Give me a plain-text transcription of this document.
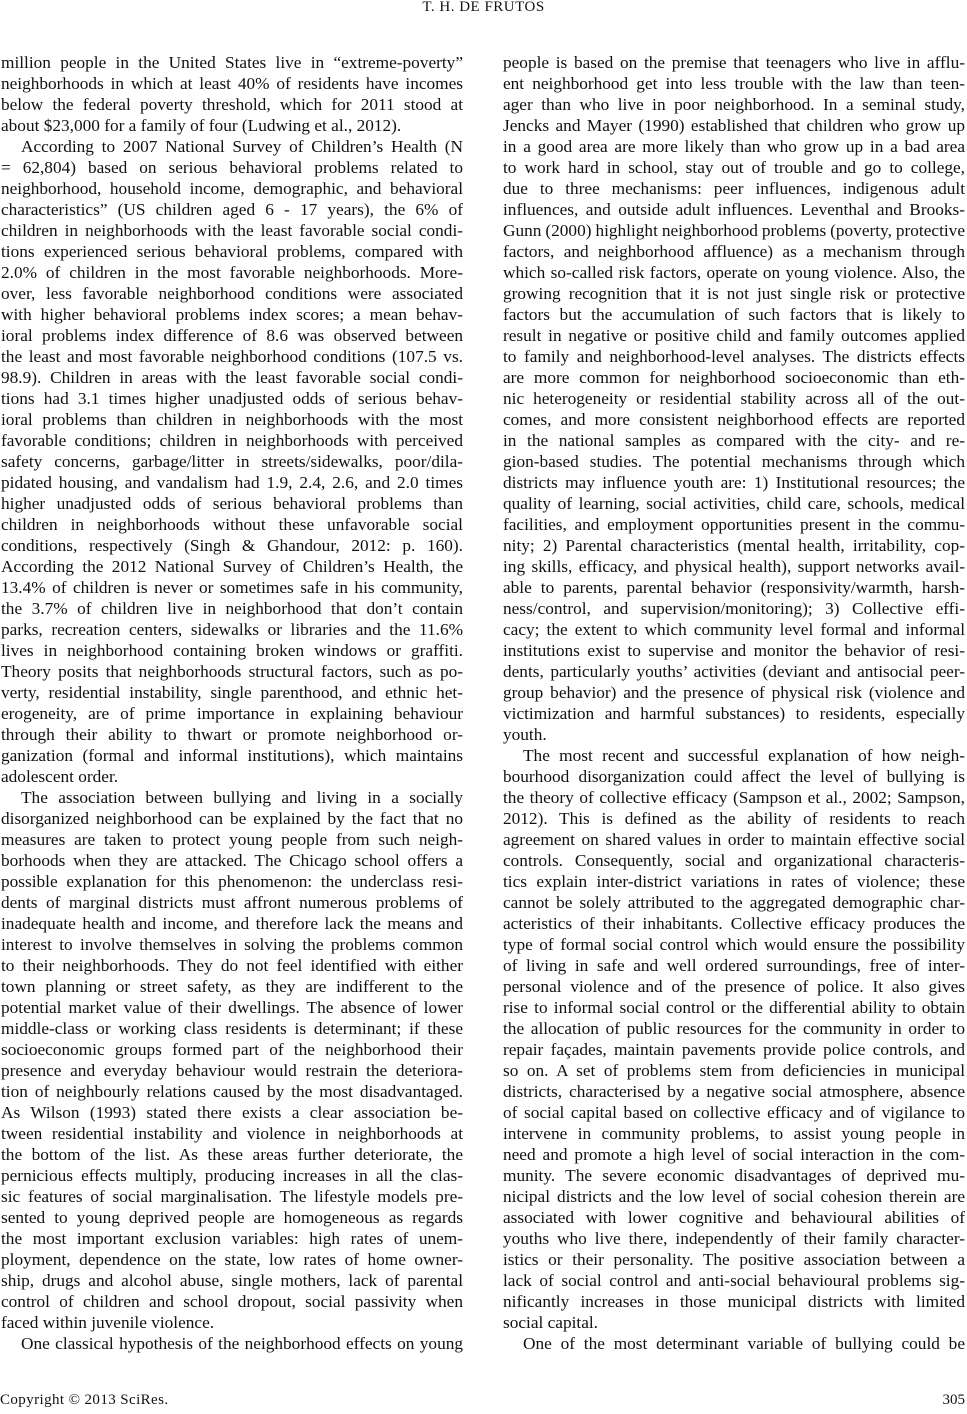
T. H. DE FRUTOS
million people in the United States live in “extreme-poverty”
neighborhoods in which at least 40% of residents have incomes
below the federal poverty threshold, which for 2011 stood at
about $23,000 for a family of four (Ludwing et al., 2012).
According to 2007 National Survey of Children’s Health (N
= 62,804) based on serious behavioral problems related to
neighborhood, household income, demographic, and behavioral
characteristics” (US children aged 6 - 17 years), the 6% of
children in neighborhoods with the least favorable social condi-
tions experienced serious behavioral problems, compared with
2.0% of children in the most favorable neighborhoods. More-
over, less favorable neighborhood conditions were associated
with higher behavioral problems index scores; a mean behav-
ioral problems index difference of 8.6 was observed between
the least and most favorable neighborhood conditions (107.5 vs.
98.9). Children in areas with the least favorable social condi-
tions had 3.1 times higher unadjusted odds of serious behav-
ioral problems than children in neighborhoods with the most
favorable conditions; children in neighborhoods with perceived
safety concerns, garbage/litter in streets/sidewalks, poor/dila-
pidated housing, and vandalism had 1.9, 2.4, 2.6, and 2.0 times
higher unadjusted odds of serious behavioral problems than
children in neighborhoods without these unfavorable social
conditions, respectively (Singh & Ghandour, 2012: p. 160).
According the 2012 National Survey of Children’s Health, the
13.4% of children is never or sometimes safe in his community,
the 3.7% of children live in neighborhood that don’t contain
parks, recreation centers, sidewalks or libraries and the 11.6%
lives in neighborhood containing broken windows or graffiti.
Theory posits that neighborhoods structural factors, such as po-
verty, residential instability, single parenthood, and ethnic het-
erogeneity, are of prime importance in explaining behaviour
through their ability to thwart or promote neighborhood or-
ganization (formal and informal institutions), which maintains
adolescent order.
The association between bullying and living in a socially
disorganized neighborhood can be explained by the fact that no
measures are taken to protect young people from such neigh-
borhoods when they are attacked. The Chicago school offers a
possible explanation for this phenomenon: the underclass resi-
dents of marginal districts must affront numerous problems of
inadequate health and income, and therefore lack the means and
interest to involve themselves in solving the problems common
to their neighborhoods. They do not feel identified with either
town planning or street safety, as they are indifferent to the
potential market value of their dwellings. The absence of lower
middle-class or working class residents is determinant; if these
socioeconomic groups formed part of the neighborhood their
presence and everyday behaviour would restrain the deteriora-
tion of neighbourly relations caused by the most disadvantaged.
As Wilson (1993) stated there exists a clear association be-
tween residential instability and violence in neighborhoods at
the bottom of the list. As these areas further deteriorate, the
pernicious effects multiply, producing increases in all the clas-
sic features of social marginalisation. The lifestyle models pre-
sented to young deprived people are homogeneous as regards
the most important exclusion variables: high rates of unem-
ployment, dependence on the state, low rates of home owner-
ship, drugs and alcohol abuse, single mothers, lack of parental
control of children and school dropout, social passivity when
faced within juvenile violence.
One classical hypothesis of the neighborhood effects on young
people is based on the premise that teenagers who live in afflu-
ent neighborhood get into less trouble with the law than teen-
ager than who live in poor neighborhood. In a seminal study,
Jencks and Mayer (1990) established that children who grow up
in a good area are more likely than who grow up in a bad area
to work hard in school, stay out of trouble and go to college,
due to three mechanisms: peer influences, indigenous adult
influences, and outside adult influences. Leventhal and Brooks-
Gunn (2000) highlight neighborhood problems (poverty, protective
factors, and neighborhood affluence) as a mechanism through
which so-called risk factors, operate on young violence. Also, the
growing recognition that it is not just single risk or protective
factors but the accumulation of such factors that is likely to
result in negative or positive child and family outcomes applied
to family and neighborhood-level analyses. The districts effects
are more common for neighborhood socioeconomic than eth-
nic heterogeneity or residential stability across all of the out-
comes, and more consistent neighborhood effects are reported
in the national samples as compared with the city- and re-
gion-based studies. The potential mechanisms through which
districts may influence youth are: 1) Institutional resources; the
quality of learning, social activities, child care, schools, medical
facilities, and employment opportunities present in the commu-
nity; 2) Parental characteristics (mental health, irritability, cop-
ing skills, efficacy, and physical health), support networks avail-
able to parents, parental behavior (responsivity/warmth, harsh-
ness/control, and supervision/monitoring); 3) Collective effi-
cacy; the extent to which community level formal and informal
institutions exist to supervise and monitor the behavior of resi-
dents, particularly youths’ activities (deviant and antisocial peer-
group behavior) and the presence of physical risk (violence and
victimization and harmful substances) to residents, especially
youth.
The most recent and successful explanation of how neigh-
bourhood disorganization could affect the level of bullying is
the theory of collective efficacy (Sampson et al., 2002; Sampson,
2012). This is defined as the ability of residents to reach
agreement on shared values in order to maintain effective social
controls. Consequently, social and organizational characteris-
tics explain inter-district variations in rates of violence; these
cannot be solely attributed to the aggregated demographic char-
acteristics of their inhabitants. Collective efficacy produces the
type of formal social control which would ensure the possibility
of living in safe and well ordered surroundings, free of inter-
personal violence and of the presence of police. It also gives
rise to informal social control or the differential ability to obtain
the allocation of public resources for the community in order to
repair façades, maintain pavements provide police controls, and
so on. A set of problems stem from deficiencies in municipal
districts, characterised by a negative social atmosphere, absence
of social capital based on collective efficacy and of vigilance to
intervene in community problems, to assist young people in
need and promote a high level of social interaction in the com-
munity. The severe economic disadvantages of deprived mu-
nicipal districts and the low level of social cohesion therein are
associated with lower cognitive and behavioural abilities of
youths who live there, independently of their family character-
istics or their personality. The positive association between a
lack of social control and anti-social behavioural problems sig-
nificantly increases in those municipal districts with limited
social capital.
One of the most determinant variable of bullying could be
Copyright © 2013 SciRes.	305
